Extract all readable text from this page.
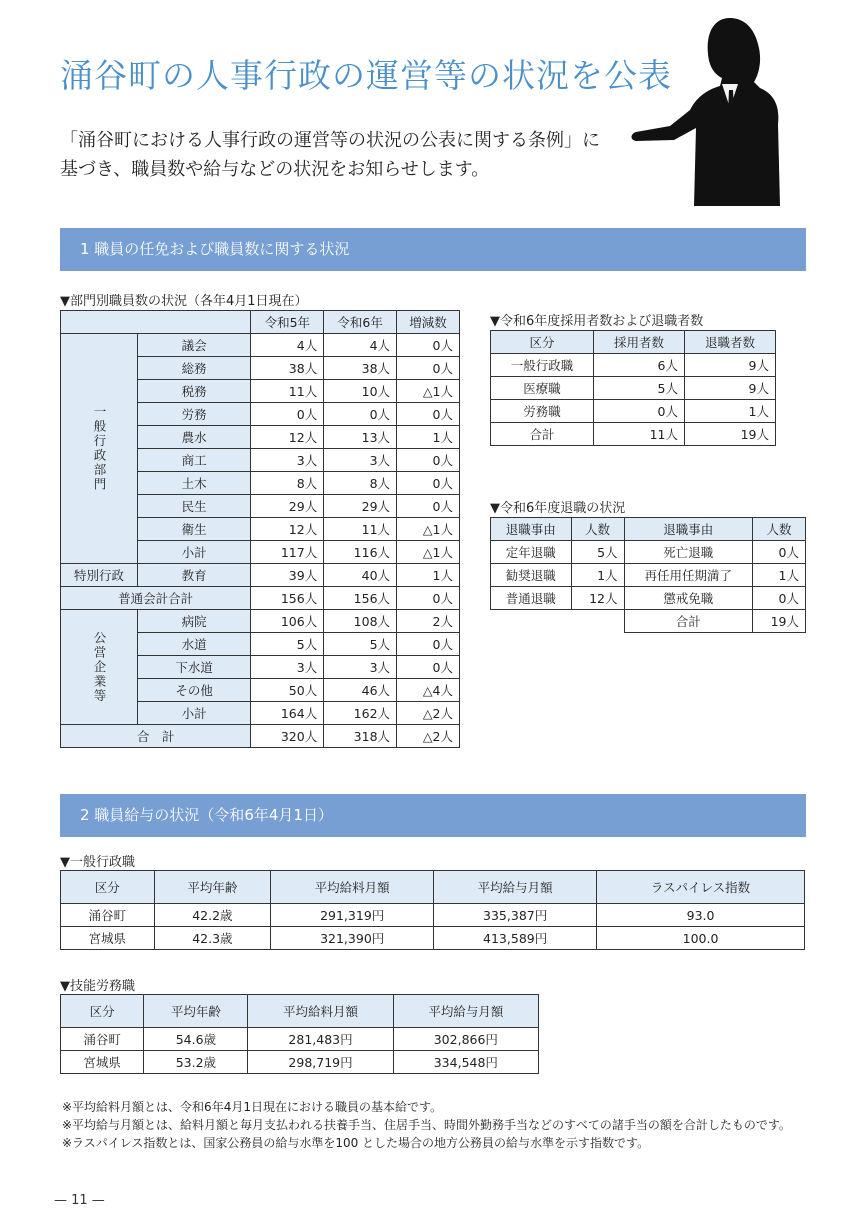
涌谷町の人事行政の運営等の状況を公表
「涌谷町における人事行政の運営等の状況の公表に関する条例」に
基づき、職員数や給与などの状況をお知らせします。
1 職員の任免および職員数に関する状況
▼部門別職員数の状況（各年4月1日現在）
		令和5年	令和6年	増減数

一般行政部門	議会	4人	4人	0人
	総務	38人	38人	0人
	税務	11人	10人	△1人
	労務	0人	0人	0人
	農水	12人	13人	1人
	商工	3人	3人	0人
	土木	8人	8人	0人
	民生	29人	29人	0人
	衛生	12人	11人	△1人
	小計	117人	116人	△1人
特別行政	教育	39人	40人	1人
普通会計合計		156人	156人	0人

公営企業等	病院	106人	108人	2人
	水道	5人	5人	0人
	下水道	3人	3人	0人
	その他	50人	46人	△4人
	小計	164人	162人	△2人
合　計		320人	318人	△2人
▼令和6年度採用者数および退職者数
区分	採用者数	退職者数
一般行政職	6人	9人
医療職	5人	9人
労務職	0人	1人
合計	11人	19人
▼令和6年度退職の状況
退職事由	人数	退職事由	人数
定年退職	5人	死亡退職	0人
勧奨退職	1人	再任用任期満了	1人
普通退職	12人	懲戒免職	0人
		合計	19人
2 職員給与の状況（令和6年4月1日）
▼一般行政職
区分	平均年齢	平均給料月額	平均給与月額	ラスパイレス指数
涌谷町	42.2歳	291,319円	335,387円	93.0
宮城県	42.3歳	321,390円	413,589円	100.0
▼技能労務職
区分	平均年齢	平均給料月額	平均給与月額
涌谷町	54.6歳	281,483円	302,866円
宮城県	53.2歳	298,719円	334,548円
※平均給料月額とは、令和6年4月1日現在における職員の基本給です。
※平均給与月額とは、給料月額と毎月支払われる扶養手当、住居手当、時間外勤務手当などのすべての諸手当の額を合計したものです。
※ラスパイレス指数とは、国家公務員の給与水準を100 とした場合の地方公務員の給与水準を示す指数です。
— 11 —
